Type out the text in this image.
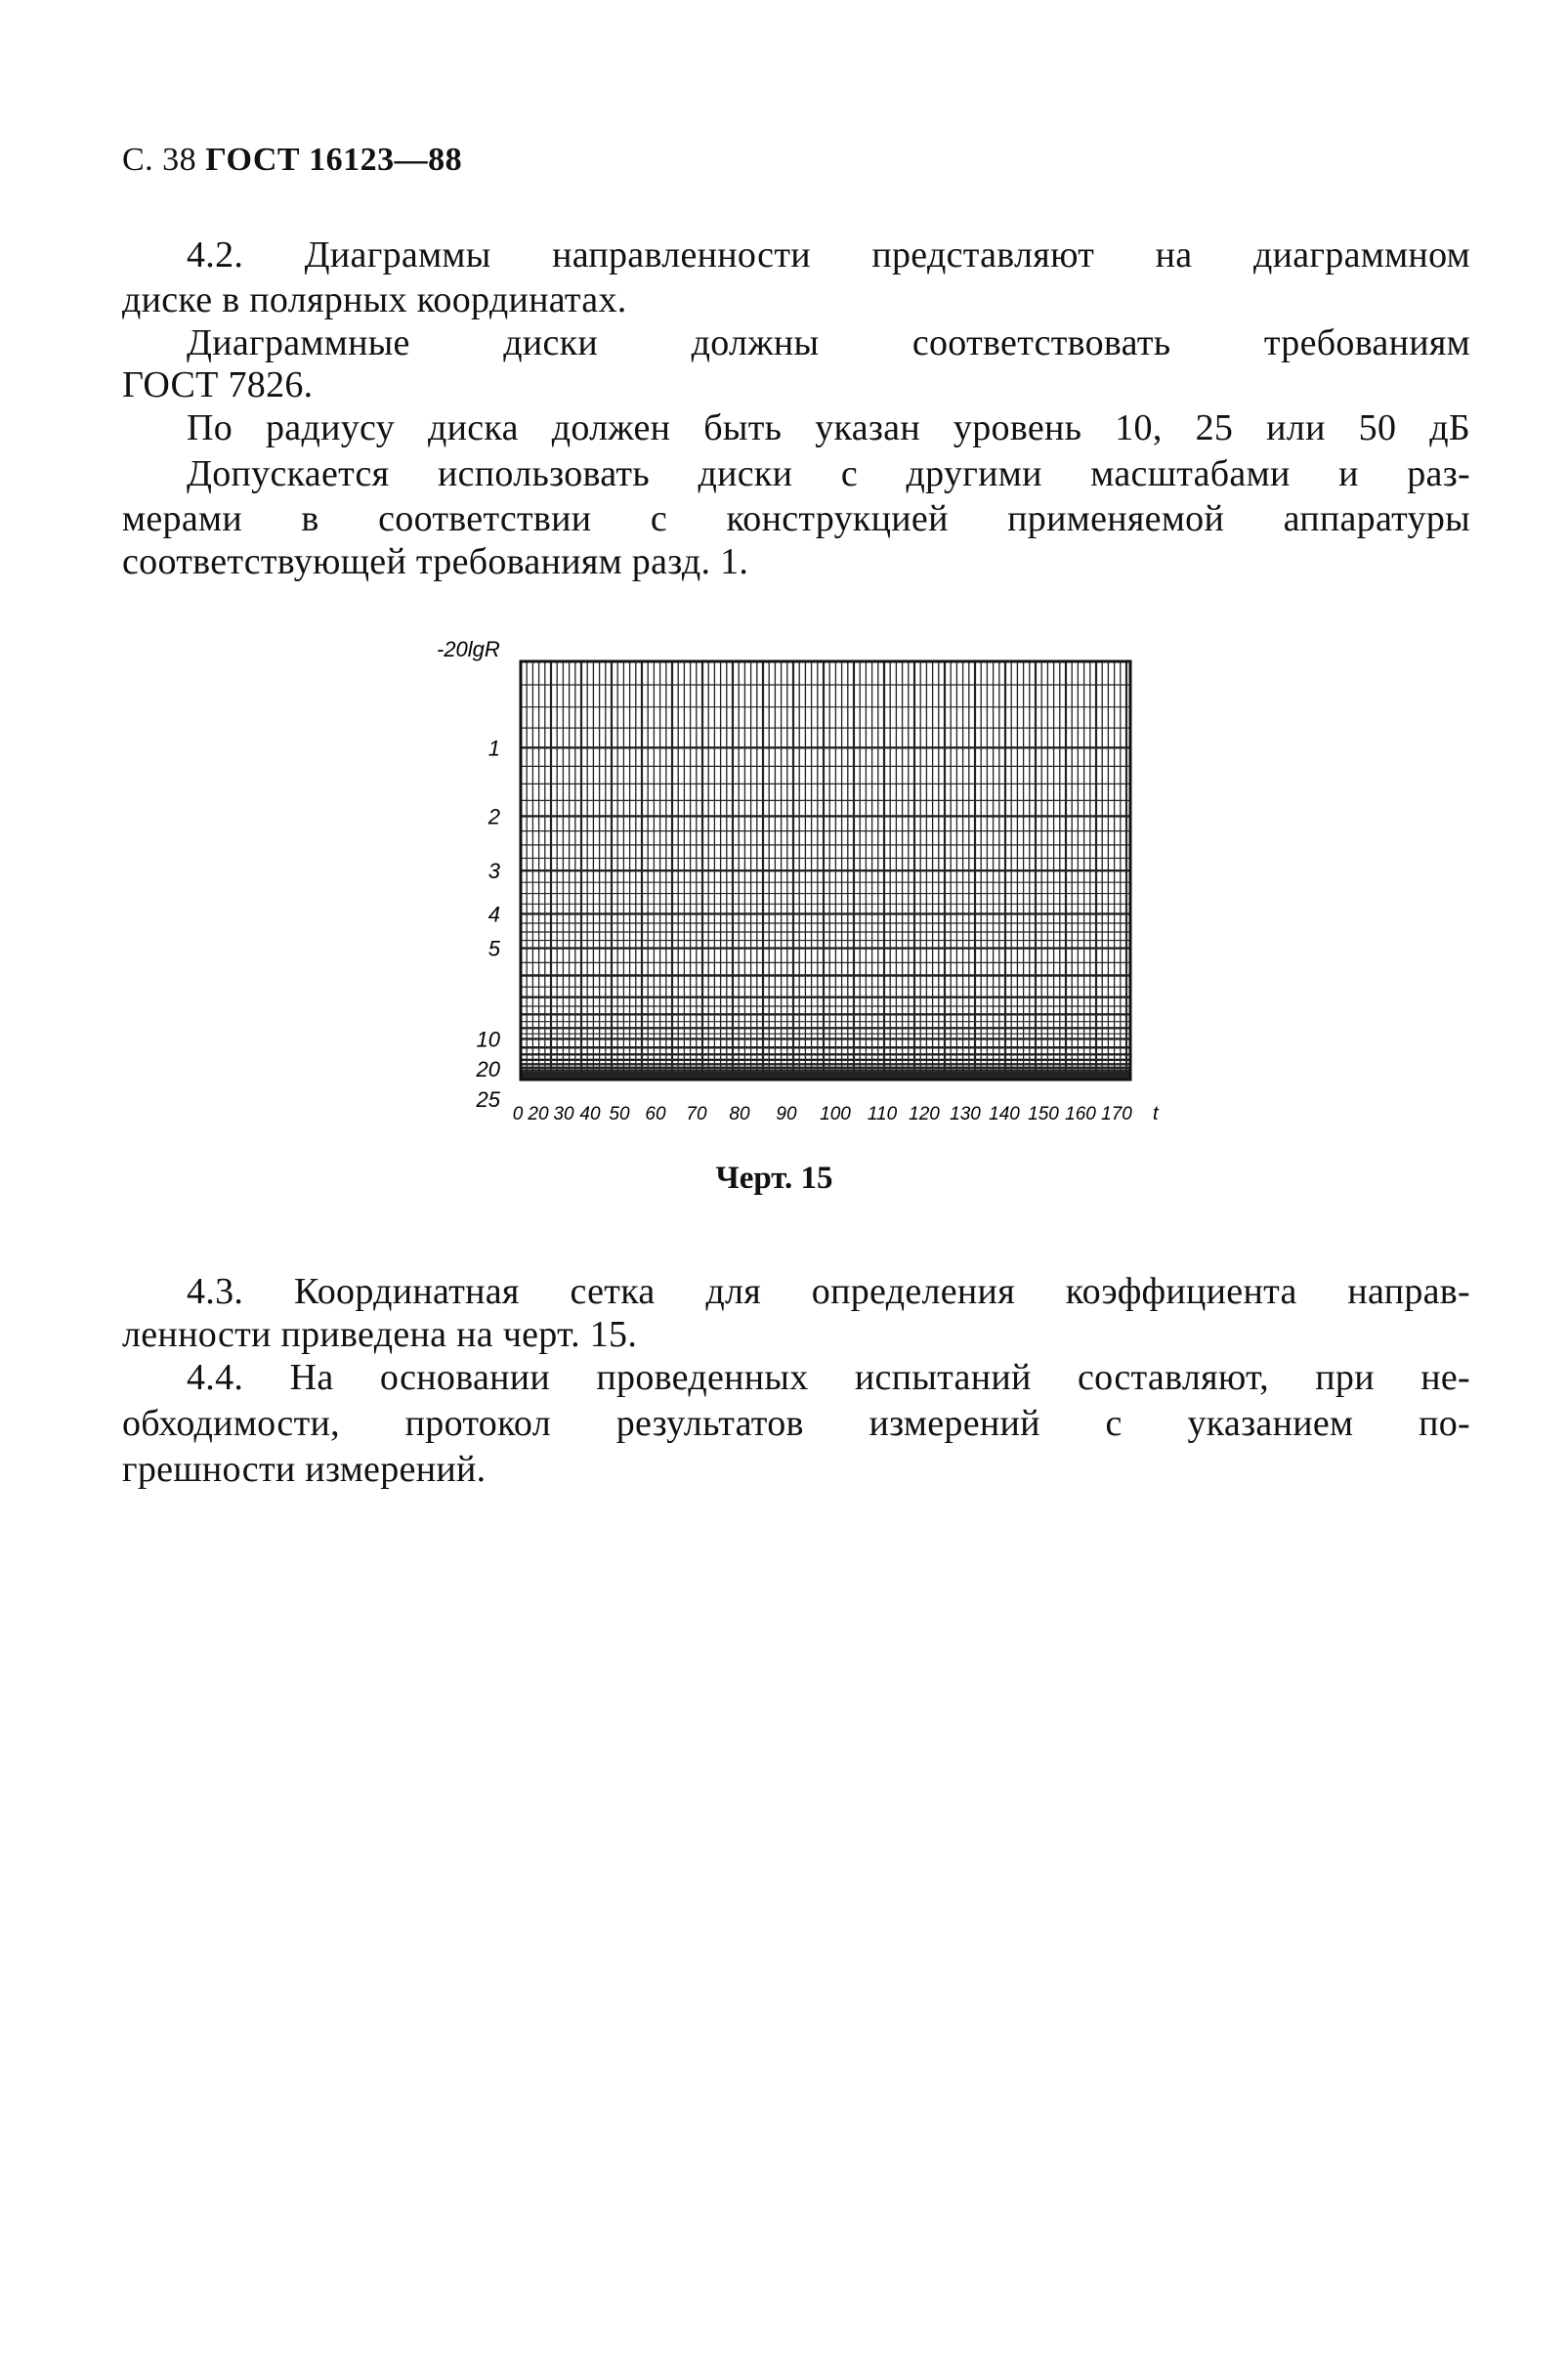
С. 38 ГОСТ 16123—88
4.2. Диаграммы направленности представляют на диаграммном
диске в полярных координатах.
Диаграммные диски должны соответствовать требованиям
ГОСТ 7826.
По радиусу диска должен быть указан уровень 10, 25 или 50 дБ
Допускается использовать диски с другими масштабами и раз-
мерами в соответствии с конструкцией применяемой аппаратуры
соответствующей требованиям разд. 1.
-20lgR
1
2
3
4
5
10
20
25
0 20 30 40 50 60 70 80 90 100 110 120 130 140 150 160 170 t
Черт. 15
4.3. Координатная сетка для определения коэффициента направ-
ленности приведена на черт. 15.
4.4. На основании проведенных испытаний составляют, при не-
обходимости, протокол результатов измерений с указанием по-
грешности измерений.
